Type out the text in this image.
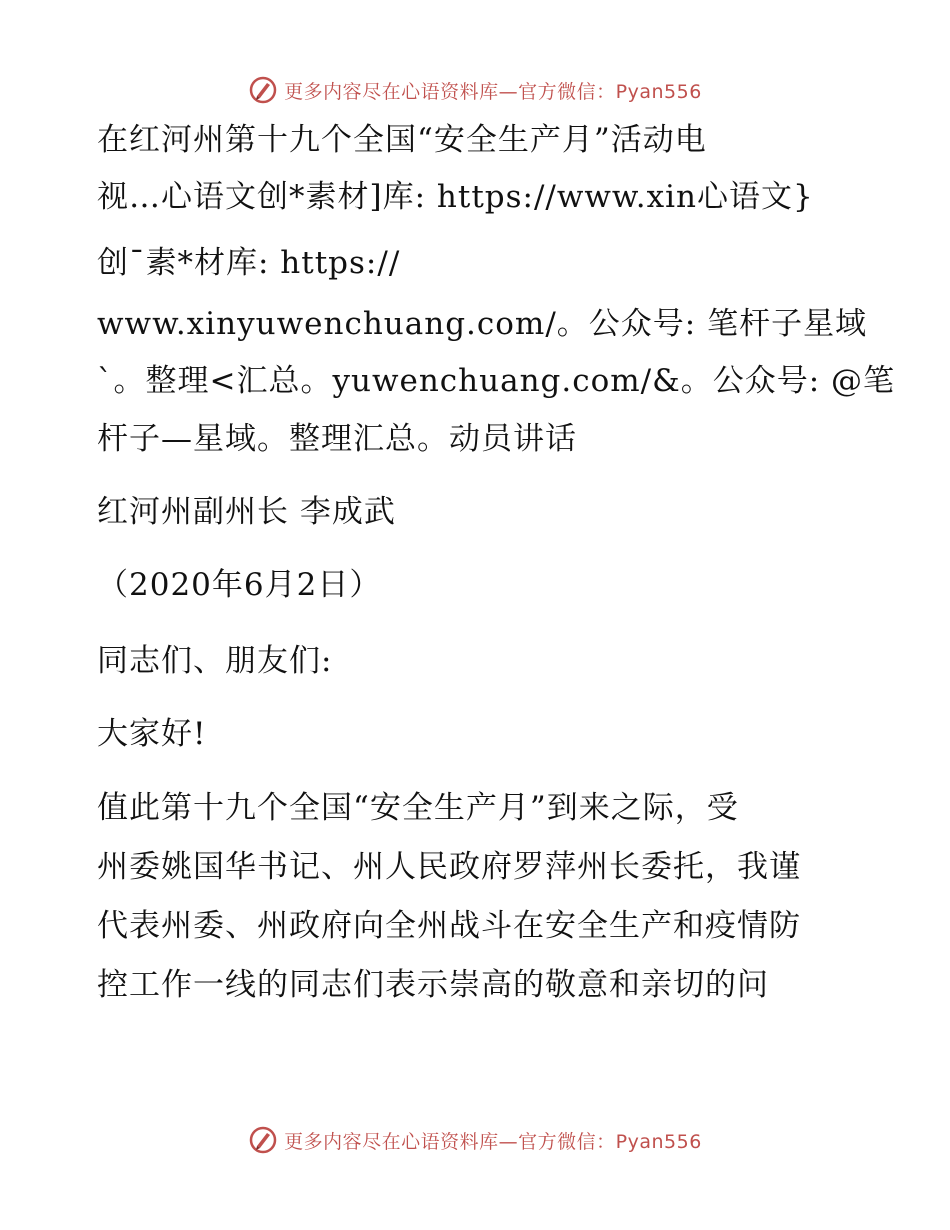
更多内容尽在心语资料库—官方微信：Pyan556
在红河州第十九个全国“安全生产月”活动电
视…心语文创*素材]库: https://www.xin心语文}
创¯素*材库: https://
www.xinyuwenchuang.com/。公众号: 笔杆子星域
`。整理<汇总。yuwenchuang.com/&。公众号: @笔
杆子—星域。整理汇总。动员讲话
红河州副州长 李成武
（2020年6月2日）
同志们、朋友们:
大家好!
值此第十九个全国“安全生产月”到来之际，受
州委姚国华书记、州人民政府罗萍州长委托，我谨
代表州委、州政府向全州战斗在安全生产和疫情防
控工作一线的同志们表示崇高的敬意和亲切的问
更多内容尽在心语资料库—官方微信：Pyan556
